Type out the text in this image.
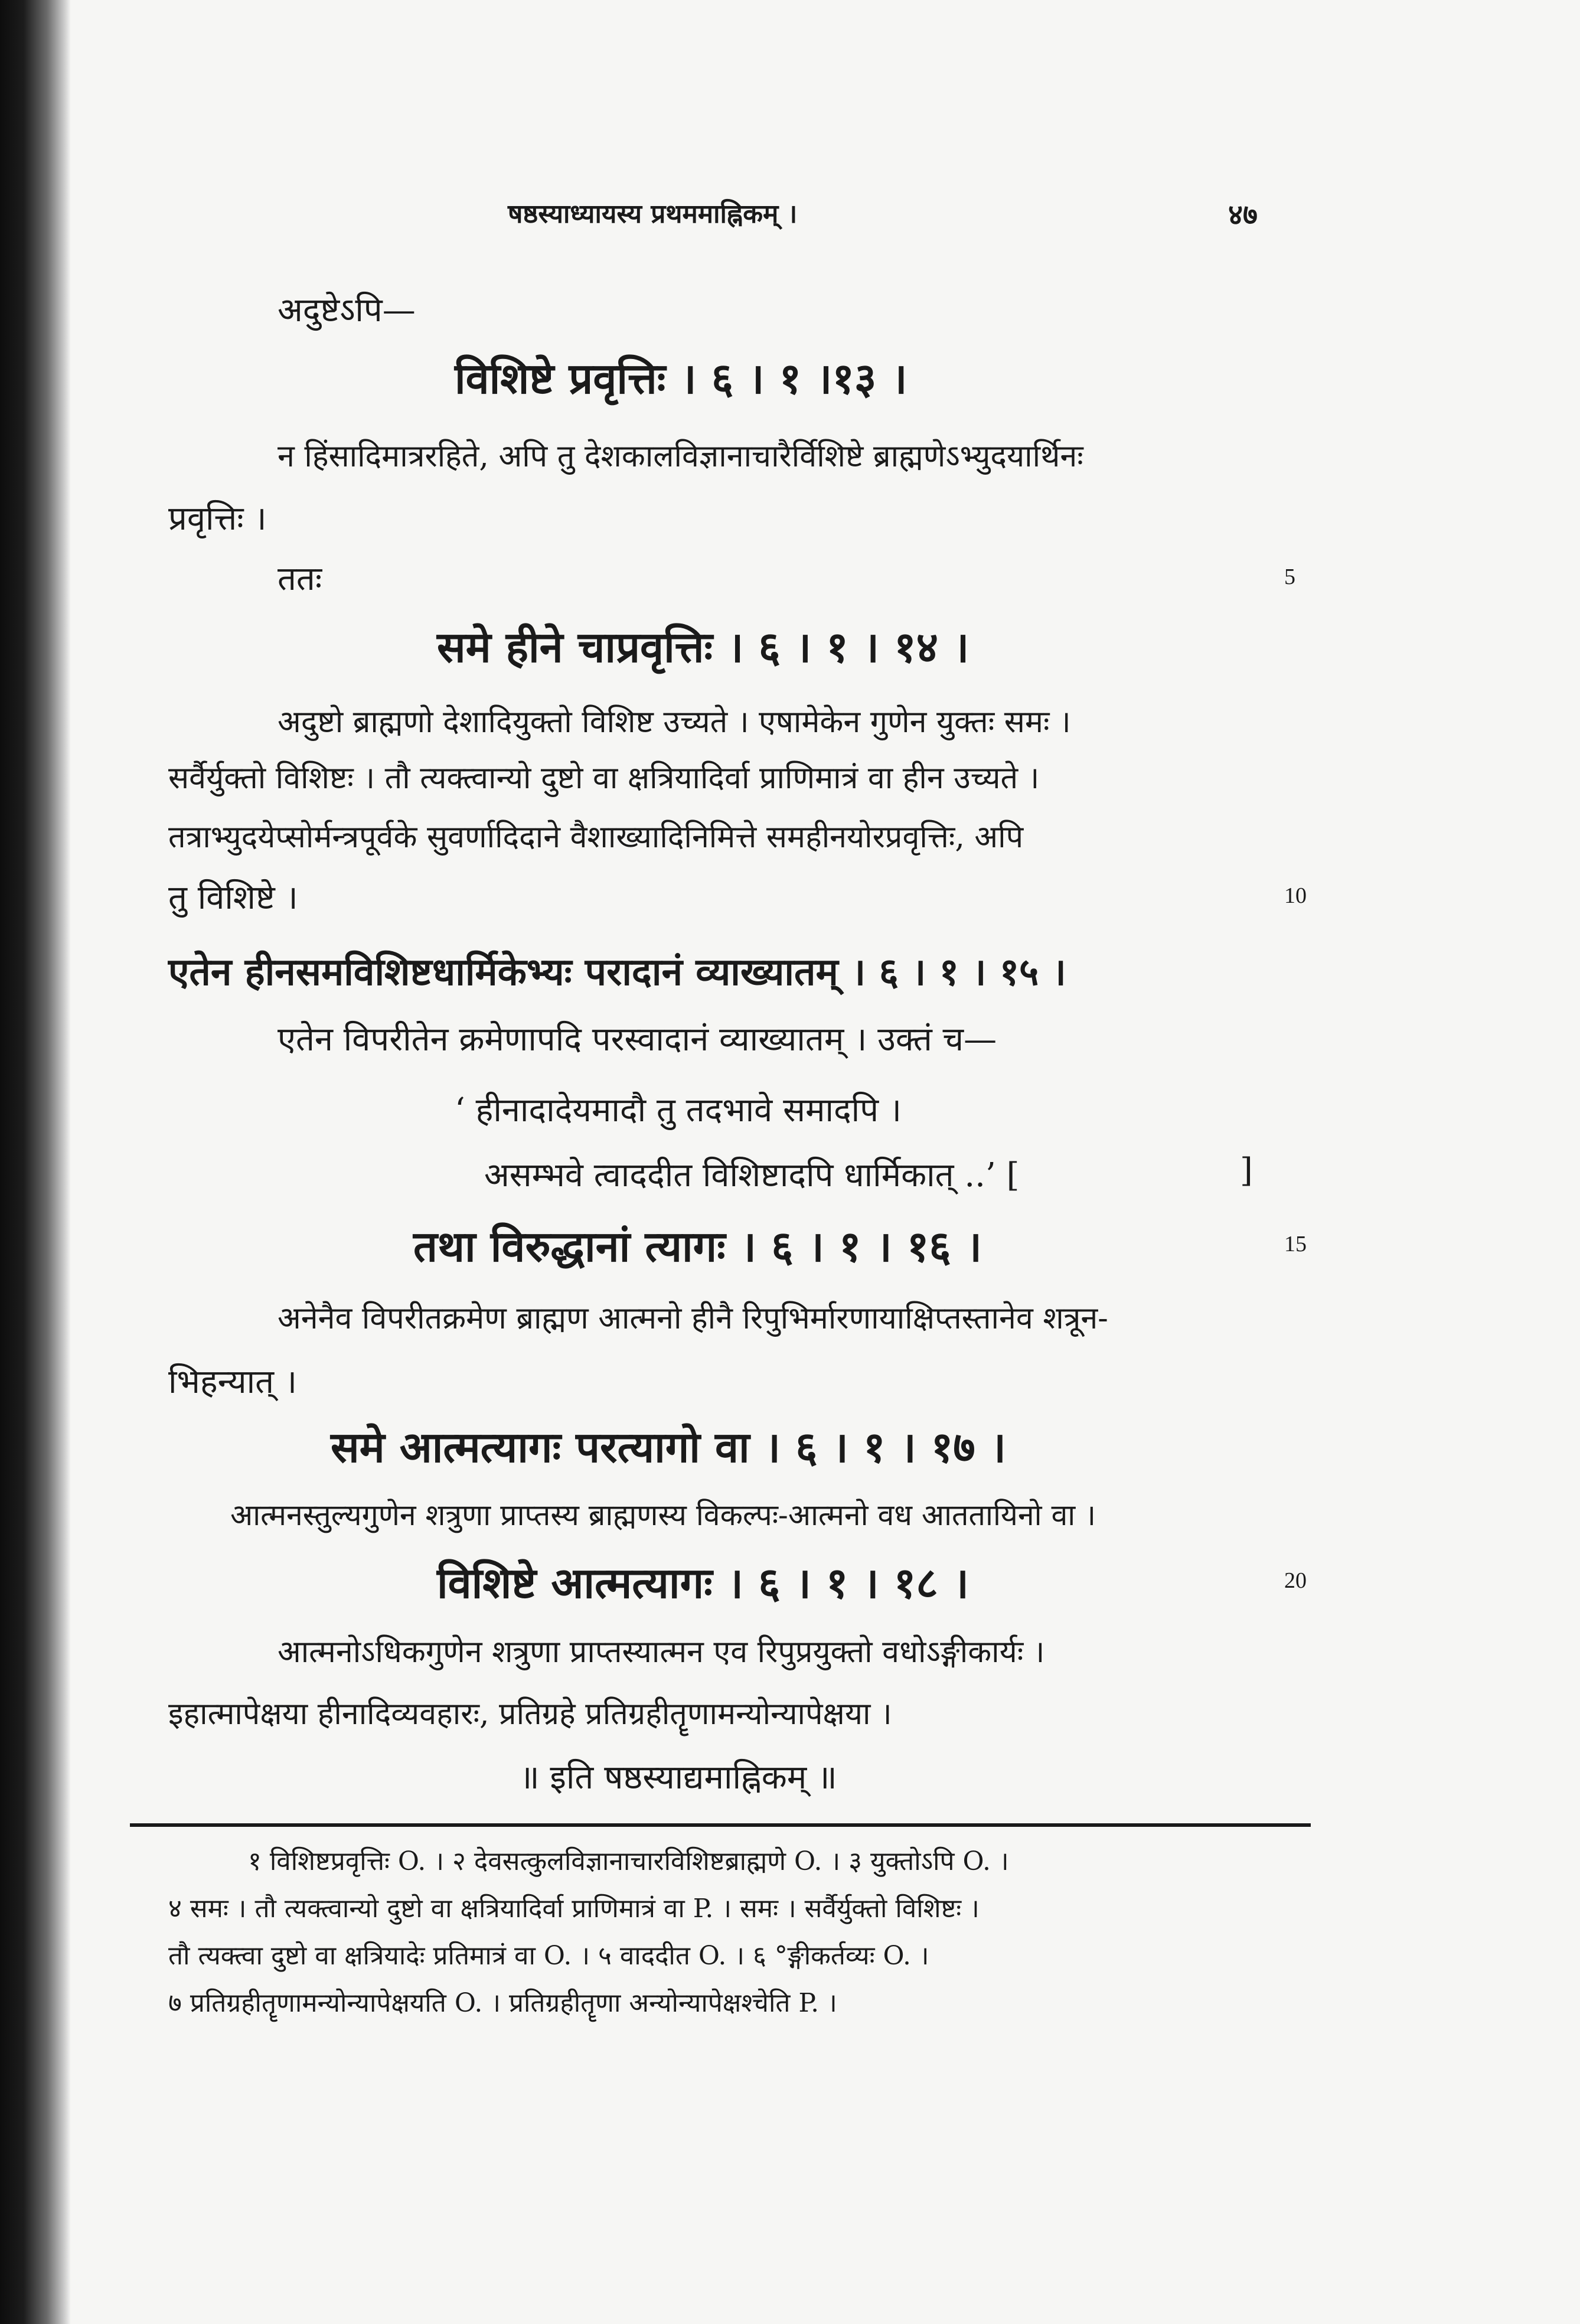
षष्ठस्याध्यायस्य प्रथममाह्निकम् ।	४७
अदुष्टेऽपि—
विशिष्टे प्रवृत्तिः । ६ । १ ।१३ ।
न हिंसादिमात्ररहिते, अपि तु देशकालविज्ञानाचारैर्विशिष्टे ब्राह्मणेऽभ्युदयार्थिनः
प्रवृत्तिः ।
ततः	5
समे हीने चाप्रवृत्तिः । ६ । १ । १४ ।
अदुष्टो ब्राह्मणो देशादियुक्तो विशिष्ट उच्यते । एषामेकेन गुणेन युक्तः समः ।
सर्वैर्युक्तो विशिष्टः । तौ त्यक्त्वान्यो दुष्टो वा क्षत्रियादिर्वा प्राणिमात्रं वा हीन उच्यते ।
तत्राभ्युदयेप्सोर्मन्त्रपूर्वके सुवर्णादिदाने वैशाख्यादिनिमित्ते समहीनयोरप्रवृत्तिः, अपि
तु विशिष्टे ।	10
एतेन हीनसमविशिष्टधार्मिकेभ्यः परादानं व्याख्यातम् । ६ । १ । १५ ।
एतेन विपरीतेन क्रमेणापदि परस्वादानं व्याख्यातम् । उक्तं च—
‘ हीनादादेयमादौ तु तदभावे समादपि ।
असम्भवे त्वाददीत विशिष्टादपि धार्मिकात् ..’ [	]
तथा विरुद्धानां त्यागः । ६ । १ । १६ ।	15
अनेनैव विपरीतक्रमेण ब्राह्मण आत्मनो हीनै रिपुभिर्मारणायाक्षिप्तस्तानेव शत्रून-
भिहन्यात् ।
समे आत्मत्यागः परत्यागो वा । ६ । १ । १७ ।
आत्मनस्तुल्यगुणेन शत्रुणा प्राप्तस्य ब्राह्मणस्य विकल्पः-आत्मनो वध आततायिनो वा ।
विशिष्टे आत्मत्यागः । ६ । १ । १८ ।	20
आत्मनोऽधिकगुणेन शत्रुणा प्राप्तस्यात्मन एव रिपुप्रयुक्तो वधोऽङ्गीकार्यः ।
इहात्मापेक्षया हीनादिव्यवहारः, प्रतिग्रहे प्रतिग्रहीतॄणामन्योन्यापेक्षया ।
॥ इति षष्ठस्याद्यमाह्निकम् ॥
१ विशिष्टप्रवृत्तिः O. । २ देवसत्कुलविज्ञानाचारविशिष्टब्राह्मणे O. । ३ युक्तोऽपि O. ।
४ समः । तौ त्यक्त्वान्यो दुष्टो वा क्षत्रियादिर्वा प्राणिमात्रं वा P. । समः । सर्वैर्युक्तो विशिष्टः ।
तौ त्यक्त्वा दुष्टो वा क्षत्रियादेः प्रतिमात्रं वा O. । ५ वाददीत O. । ६ °ङ्गीकर्तव्यः O. ।
७ प्रतिग्रहीतॄणामन्योन्यापेक्षयति O. । प्रतिग्रहीतॄणा अन्योन्यापेक्षश्चेति P. ।
